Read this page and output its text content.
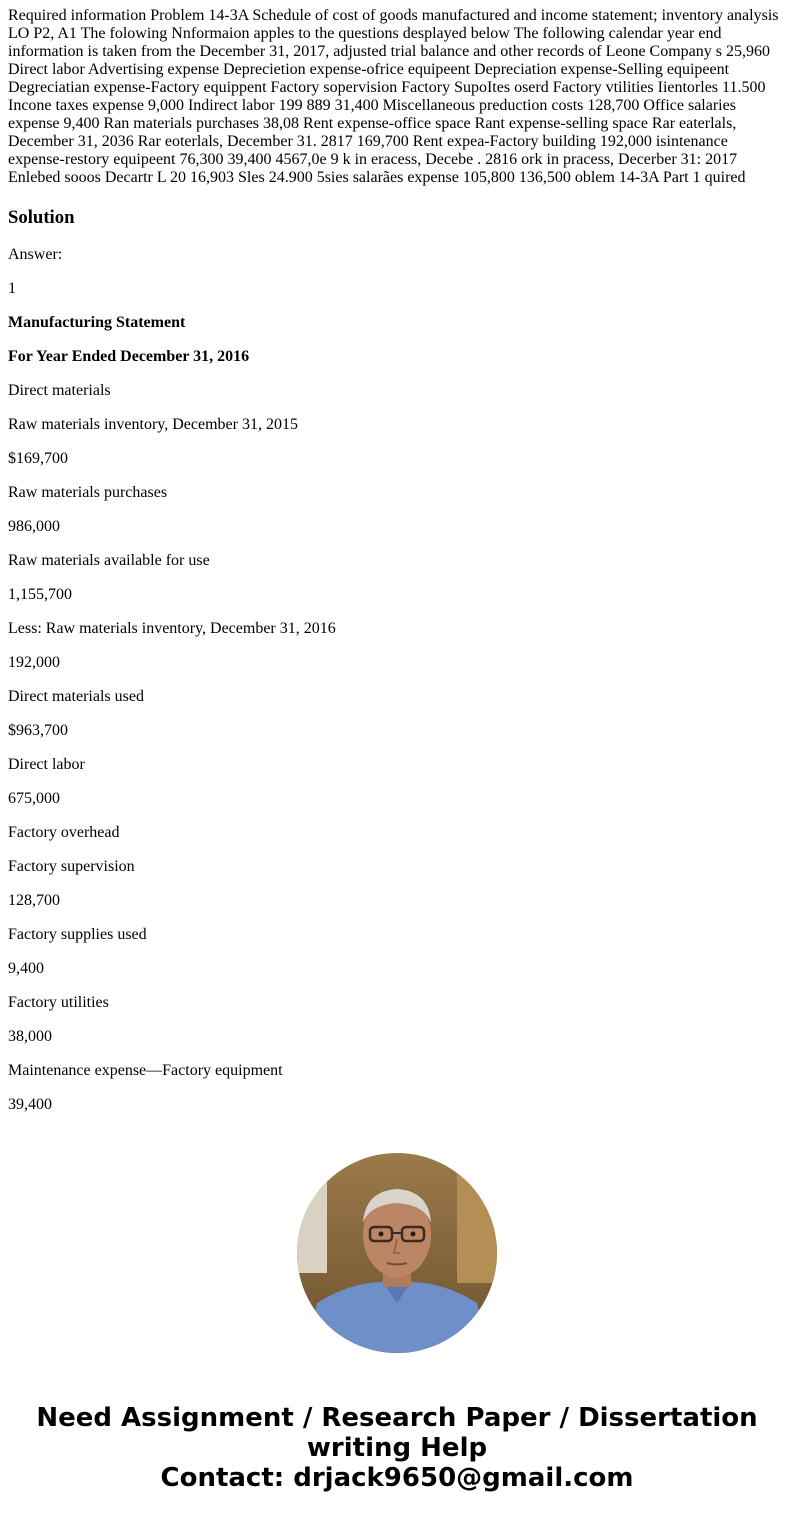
Required information Problem 14-3A Schedule of cost of goods manufactured and income statement; inventory analysis LO P2, A1 The folowing Nnformaion apples to the questions desplayed below The following calendar year end information is taken from the December 31, 2017, adjusted trial balance and other records of Leone Company s 25,960 Direct labor Advertising expense Deprecietion expense-ofrice equipeent Depreciation expense-Selling equipeent Degreciatian expense-Factory equippent Factory sopervision Factory SupoItes oserd Factory vtilities Iientorles 11.500 Incone taxes expense 9,000 Indirect labor 199 889 31,400 Miscellaneous preduction costs 128,700 Office salaries expense 9,400 Ran materials purchases 38,08 Rent expense-office space Rant expense-selling space Rar eaterlals, December 31, 2036 Rar eoterlals, December 31. 2817 169,700 Rent expea-Factory building 192,000 isintenance expense-restory equipeent 76,300 39,400 4567,0e 9 k in eracess, Decebe . 2816 ork in pracess, Decerber 31: 2017 Enlebed sooos Decartr L 20 16,903 Sles 24.900 5sies salarães expense 105,800 136,500 oblem 14-3A Part 1 quired

Solution

Answer:

1

Manufacturing Statement

For Year Ended December 31, 2016

Direct materials

Raw materials inventory, December 31, 2015

$169,700

Raw materials purchases

986,000

Raw materials available for use

1,155,700

Less: Raw materials inventory, December 31, 2016

192,000

Direct materials used

$963,700

Direct labor

675,000

Factory overhead

Factory supervision

128,700

Factory supplies used

9,400

Factory utilities

38,000

Maintenance expense—Factory equipment

39,400

Need Assignment / Research Paper / Dissertation
writing Help
Contact: drjack9650@gmail.com
